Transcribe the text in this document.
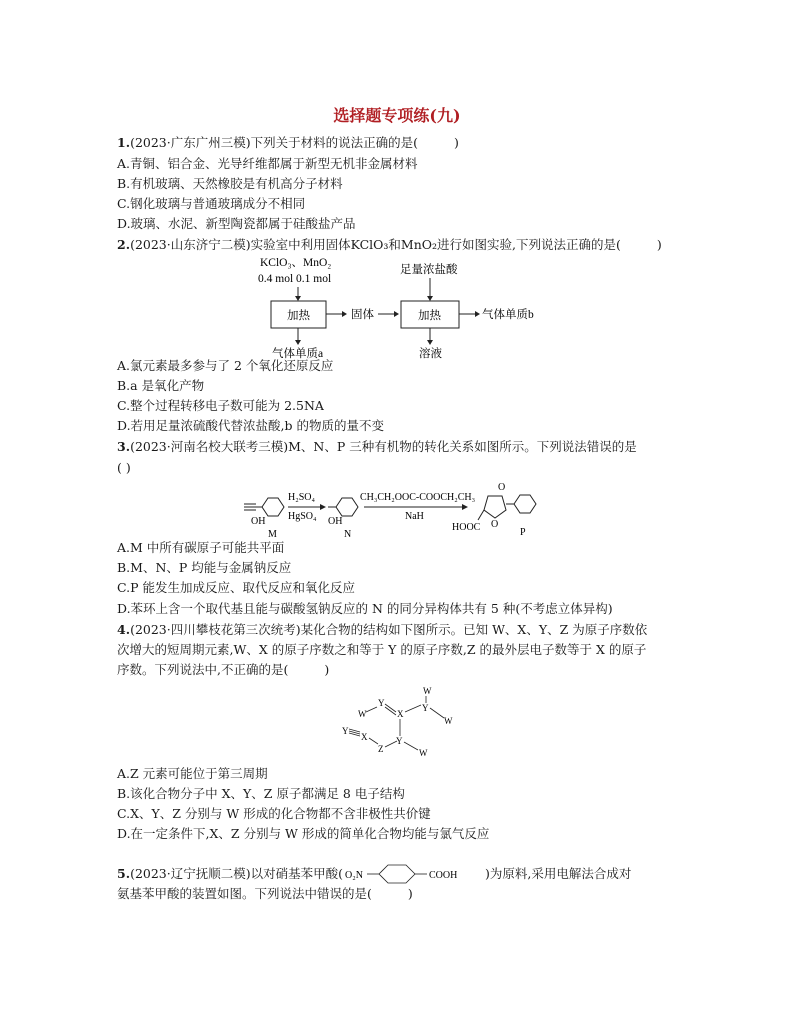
选择题专项练(九)
1.(2023·广东广州三模)下列关于材料的说法正确的是(	)
A.青铜、铝合金、光导纤维都属于新型无机非金属材料
B.有机玻璃、天然橡胶是有机高分子材料
C.钢化玻璃与普通玻璃成分不相同
D.玻璃、水泥、新型陶瓷都属于硅酸盐产品
2.(2023·山东济宁二模)实验室中利用固体KClO₃和MnO₂进行如图实验,下列说法正确的是(	)
KClO₃、MnO₂
0.4 mol 0.1 mol
加热	固体
足量浓盐酸
加热	气体单质b
气体单质a	溶液
A.氯元素最多参与了 2 个氧化还原反应
B.a 是氧化产物
C.整个过程转移电子数可能为 2.5NA
D.若用足量浓硫酸代替浓盐酸,b 的物质的量不变
3.(2023·河南名校大联考三模)M、N、P 三种有机物的转化关系如图所示。下列说法错误的是
( )
OH
M
H₂SO₄
HgSO₄ OH
N
CH₃CH₂OOC-COOCH₂CH₃
NaH
O
O
HOOC	P
A.M 中所有碳原子可能共平面
B.M、N、P 均能与金属钠反应
C.P 能发生加成反应、取代反应和氧化反应
D.苯环上含一个取代基且能与碳酸氢钠反应的 N 的同分异构体共有 5 种(不考虑立体异构)
4.(2023·四川攀枝花第三次统考)某化合物的结构如下图所示。已知 W、X、Y、Z 为原子序数依
次增大的短周期元素,W、X 的原子序数之和等于 Y 的原子序数,Z 的最外层电子数等于 X 的原子
序数。下列说法中,不正确的是(	)
W
W
Y
X
Y
W
Y
X
Z
Y
W
A.Z 元素可能位于第三周期
B.该化合物分子中 X、Y、Z 原子都满足 8 电子结构
C.X、Y、Z 分别与 W 形成的化合物都不含非极性共价键
D.在一定条件下,X、Z 分别与 W 形成的简单化合物均能与氯气反应
5. (2023·辽宁抚顺二模)以对硝基苯甲酸( O₂N	COOH )为原料,采用电解法合成对
氨基苯甲酸的装置如图。下列说法中错误的是(	)
